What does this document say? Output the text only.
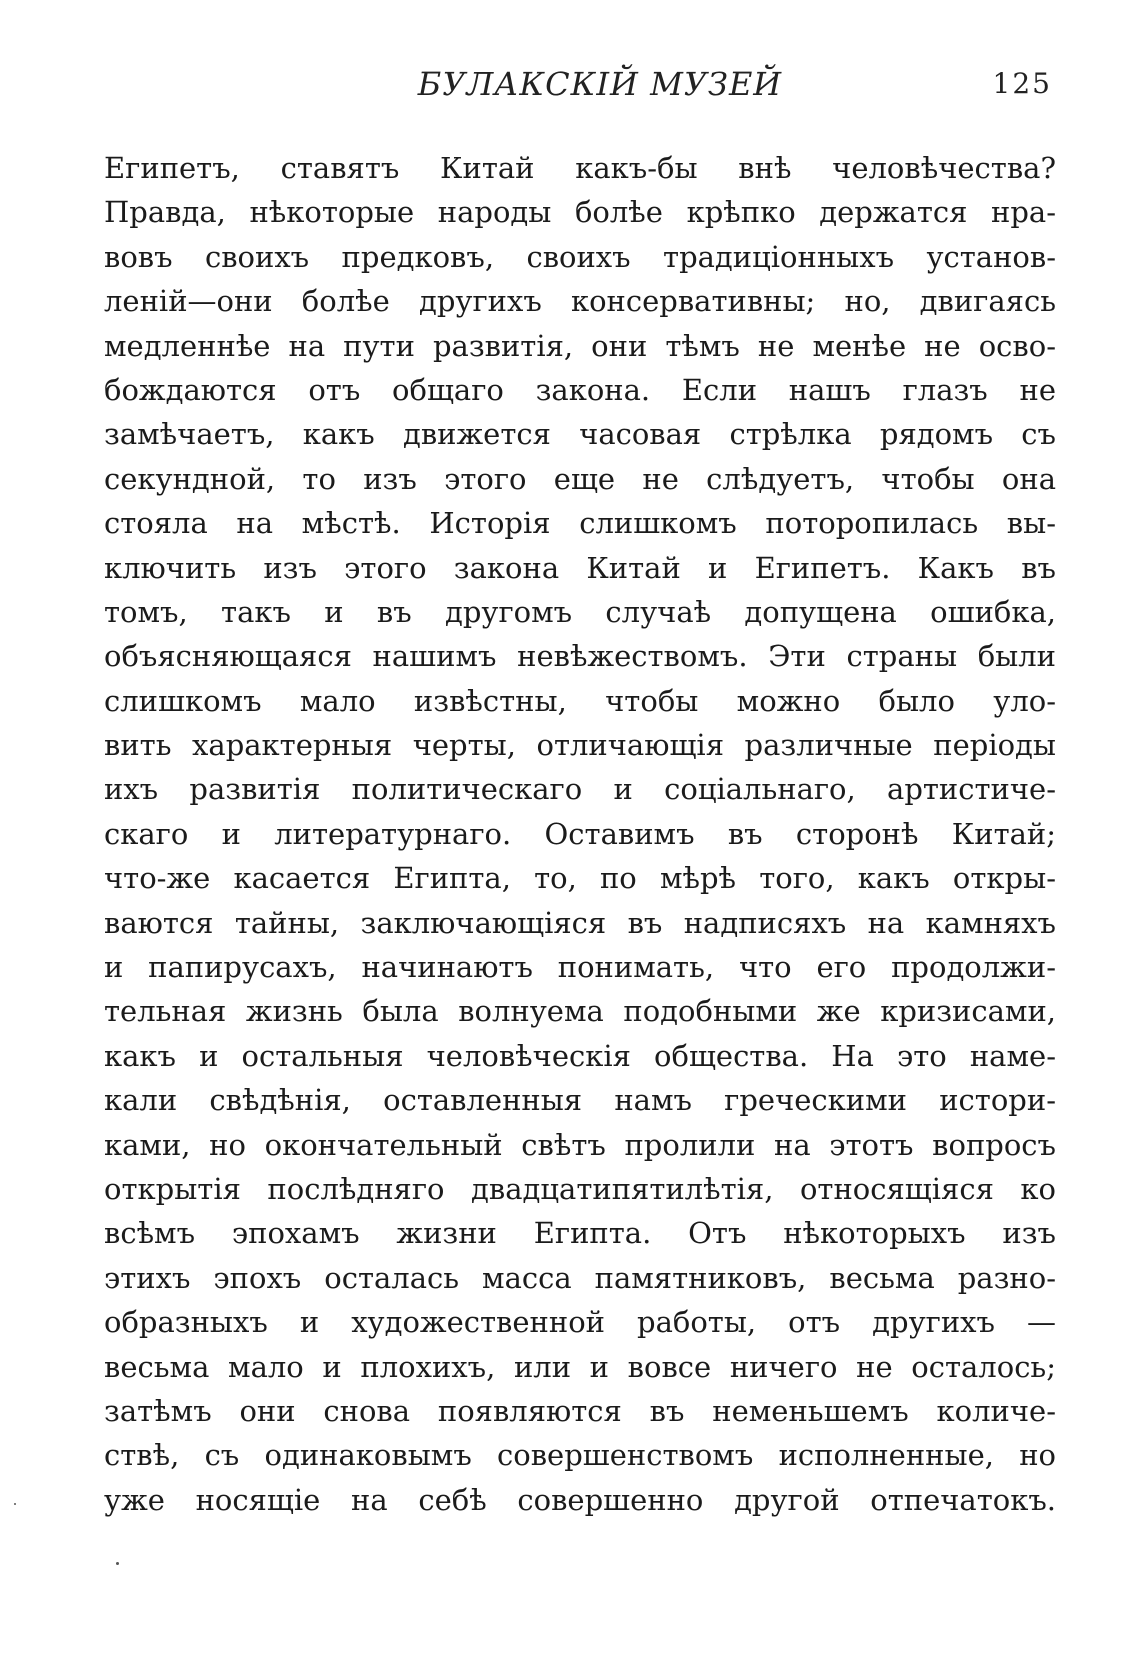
БУЛАКСКІЙ МУЗЕЙ	125
Египетъ, ставятъ Китай какъ-бы внѣ человѣчества?
Правда, нѣкоторые народы болѣе крѣпко держатся нра-
вовъ своихъ предковъ, своихъ традиціонныхъ установ-
леній—они болѣе другихъ консервативны; но, двигаясь
медленнѣе на пути развитія, они тѣмъ не менѣе не осво-
бождаются отъ общаго закона. Если нашъ глазъ не
замѣчаетъ, какъ движется часовая стрѣлка рядомъ съ
секундной, то изъ этого еще не слѣдуетъ, чтобы она
стояла на мѣстѣ. Исторія слишкомъ поторопилась вы-
ключить изъ этого закона Китай и Египетъ. Какъ въ
томъ, такъ и въ другомъ случаѣ допущена ошибка,
объясняющаяся нашимъ невѣжествомъ. Эти страны были
слишкомъ мало извѣстны, чтобы можно было уло-
вить характерныя черты, отличающія различные періоды
ихъ развитія политическаго и соціальнаго, артистиче-
скаго и литературнаго. Оставимъ въ сторонѣ Китай;
что-же касается Египта, то, по мѣрѣ того, какъ откры-
ваются тайны, заключающіяся въ надписяхъ на камняхъ
и папирусахъ, начинаютъ понимать, что его продолжи-
тельная жизнь была волнуема подобными же кризисами,
какъ и остальныя человѣческія общества. На это наме-
кали свѣдѣнія, оставленныя намъ греческими истори-
ками, но окончательный свѣтъ пролили на этотъ вопросъ
открытія послѣдняго двадцатипятилѣтія, относящіяся ко
всѣмъ эпохамъ жизни Египта. Отъ нѣкоторыхъ изъ
этихъ эпохъ осталась масса памятниковъ, весьма разно-
образныхъ и художественной работы, отъ другихъ —
весьма мало и плохихъ, или и вовсе ничего не осталось;
затѣмъ они снова появляются въ неменьшемъ количе-
ствѣ, съ одинаковымъ совершенствомъ исполненные, но
уже носящіе на себѣ совершенно другой отпечатокъ.
